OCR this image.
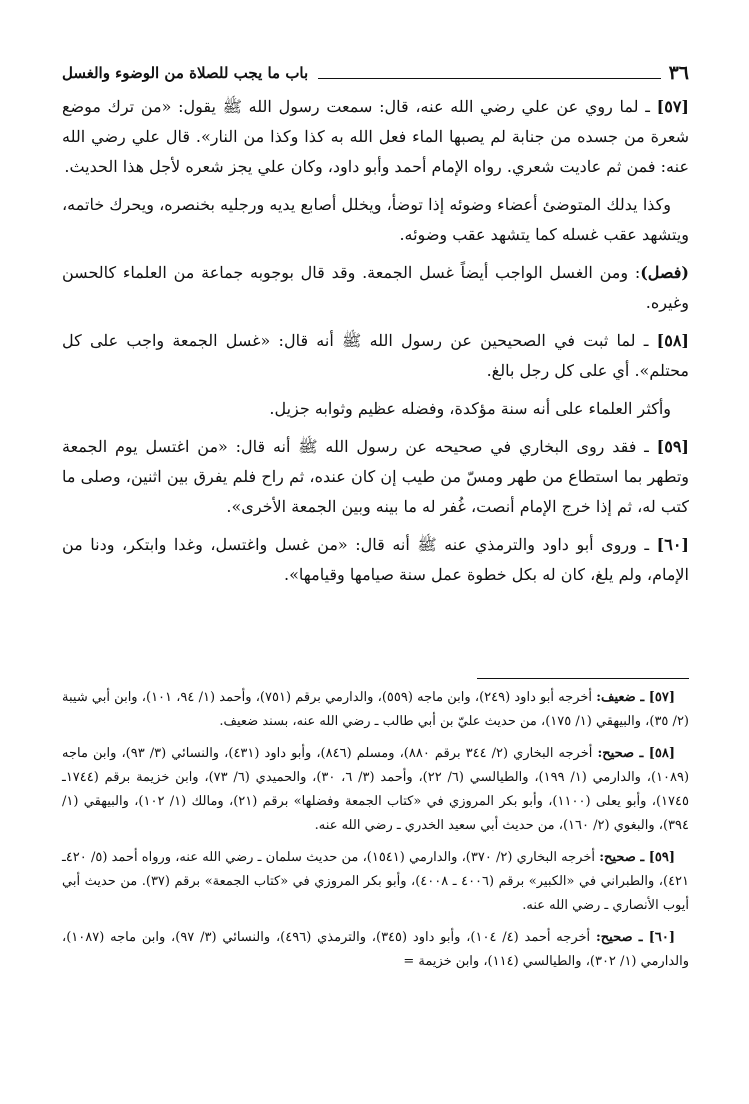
٣٦
باب ما يجب للصلاة من الوضوء والغسل

[٥٧] ـ لما روي عن علي رضي الله عنه، قال: سمعت رسول الله ﷺ يقول: «من ترك موضع شعرة من جسده من جنابة لم يصبها الماء فعل الله به كذا وكذا من النار». قال علي رضي الله عنه: فمن ثم عاديت شعري. رواه الإمام أحمد وأبو داود، وكان علي يجز شعره لأجل هذا الحديث.

وكذا يدلك المتوضئ أعضاء وضوئه إذا توضأ، ويخلل أصابع يديه ورجليه بخنصره، ويحرك خاتمه، ويتشهد عقب غسله كما يتشهد عقب وضوئه.

(فصل): ومن الغسل الواجب أيضاً غسل الجمعة. وقد قال بوجوبه جماعة من العلماء كالحسن وغيره.

[٥٨] ـ لما ثبت في الصحيحين عن رسول الله ﷺ أنه قال: «غسل الجمعة واجب على كل محتلم». أي على كل رجل بالغ.

وأكثر العلماء على أنه سنة مؤكدة، وفضله عظيم وثوابه جزيل.

[٥٩] ـ فقد روى البخاري في صحيحه عن رسول الله ﷺ أنه قال: «من اغتسل يوم الجمعة وتطهر بما استطاع من طهر ومسّ من طيب إن كان عنده، ثم راح فلم يفرق بين اثنين، وصلى ما كتب له، ثم إذا خرج الإمام أنصت، غُفر له ما بينه وبين الجمعة الأخرى».

[٦٠] ـ وروى أبو داود والترمذي عنه ﷺ أنه قال: «من غسل واغتسل، وغدا وابتكر، ودنا من الإمام، ولم يلغ، كان له بكل خطوة عمل سنة صيامها وقيامها».

[٥٧] ـ ضعيف: أخرجه أبو داود (٢٤٩)، وابن ماجه (٥٥٩)، والدارمي برقم (٧٥١)، وأحمد (١/ ٩٤، ١٠١)، وابن أبي شيبة (٢/ ٣٥)، والبيهقي (١/ ١٧٥)، من حديث عليّ بن أبي طالب ـ رضي الله عنه، بسند ضعيف.

[٥٨] ـ صحيح: أخرجه البخاري (٢/ ٣٤٤ برقم ٨٨٠)، ومسلم (٨٤٦)، وأبو داود (٤٣١)، والنسائي (٣/ ٩٣)، وابن ماجه (١٠٨٩)، والدارمي (١/ ١٩٩)، والطيالسي (٦/ ٢٢)، وأحمد (٣/ ٦، ٣٠)، والحميدي (٦/ ٧٣)، وابن خزيمة برقم (١٧٤٤ـ ١٧٤٥)، وأبو يعلى (١١٠٠)، وأبو بكر المروزي في «كتاب الجمعة وفضلها» برقم (٢١)، ومالك (١/ ١٠٢)، والبيهقي (١/ ٣٩٤)، والبغوي (٢/ ١٦٠)، من حديث أبي سعيد الخدري ـ رضي الله عنه.

[٥٩] ـ صحيح: أخرجه البخاري (٢/ ٣٧٠)، والدارمي (١٥٤١)، من حديث سلمان ـ رضي الله عنه، ورواه أحمد (٥/ ٤٢٠ـ ٤٢١)، والطبراني في «الكبير» برقم (٤٠٠٦ ـ ٤٠٠٨)، وأبو بكر المروزي في «كتاب الجمعة» برقم (٣٧). من حديث أبي أيوب الأنصاري ـ رضي الله عنه.

[٦٠] ـ صحيح: أخرجه أحمد (٤/ ١٠٤)، وأبو داود (٣٤٥)، والترمذي (٤٩٦)، والنسائي (٣/ ٩٧)، وابن ماجه (١٠٨٧)، والدارمي (١/ ٣٠٢)، والطيالسي (١١٤)، وابن خزيمة =
